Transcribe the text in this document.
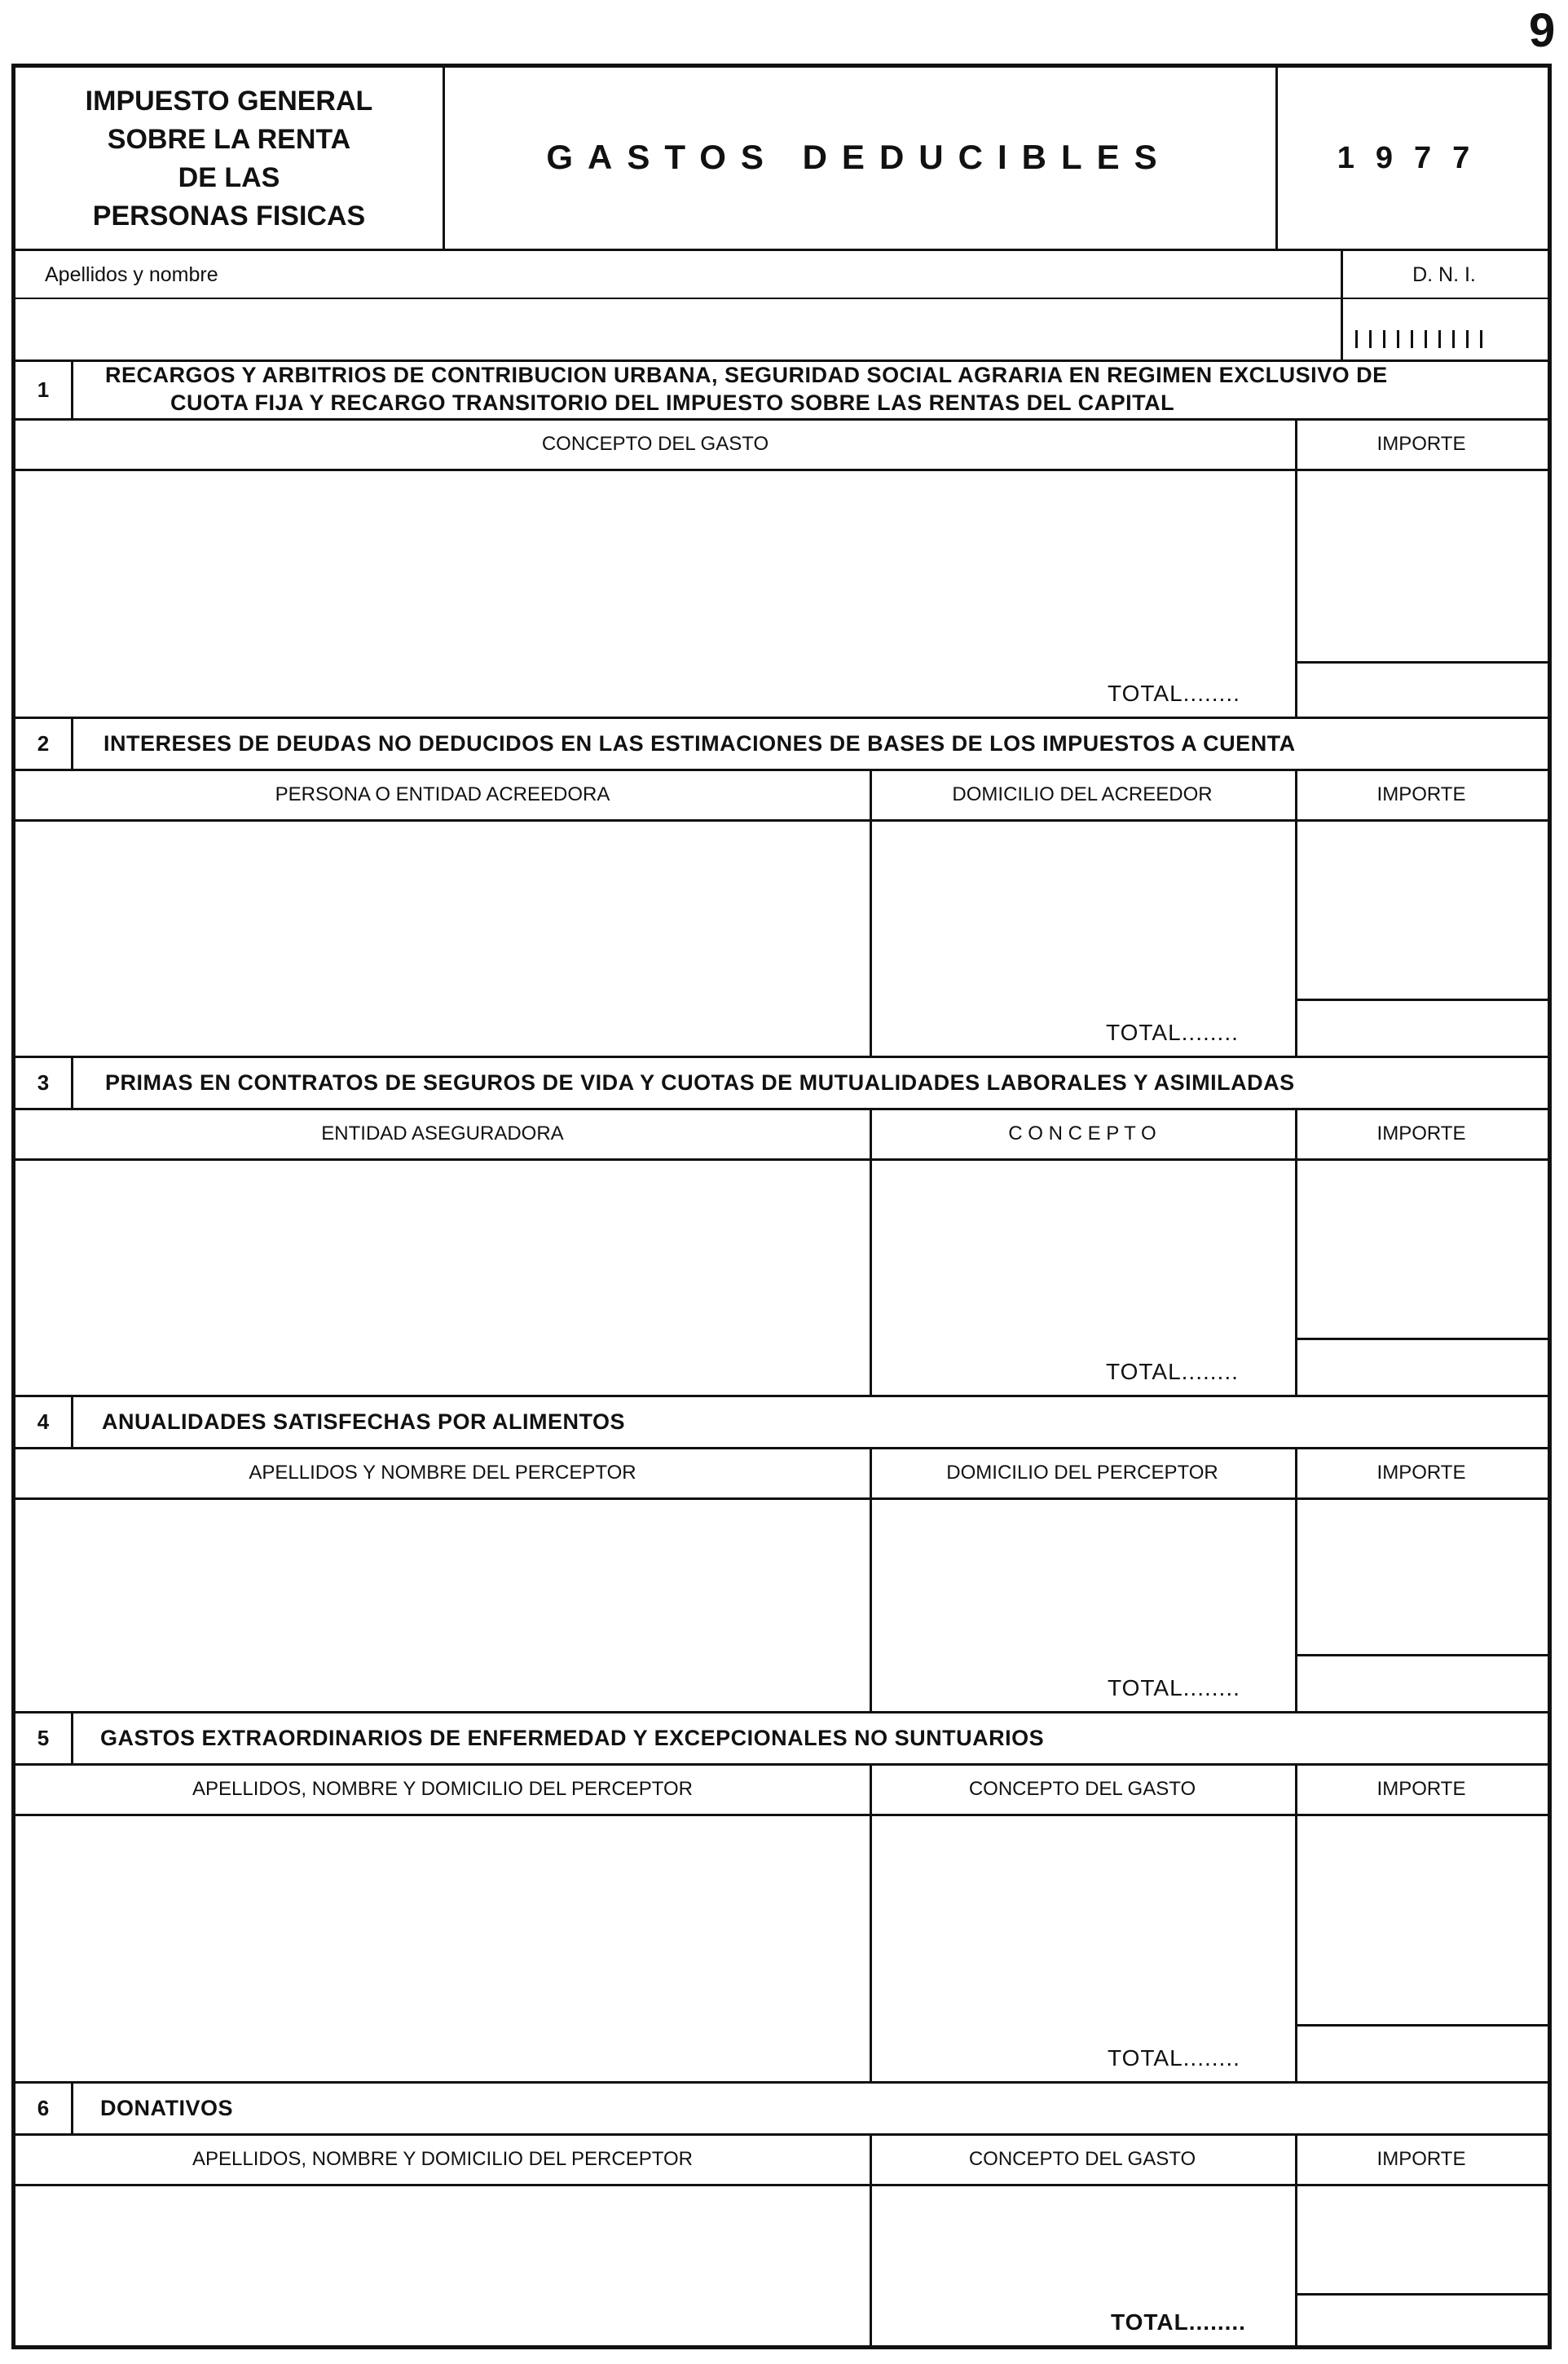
9
IMPUESTO GENERAL
SOBRE LA RENTA
DE LAS
PERSONAS FISICAS
GASTOS DEDUCIBLES	1977
Apellidos y nombre	D. N. I.
1
RECARGOS Y ARBITRIOS DE CONTRIBUCION URBANA, SEGURIDAD SOCIAL AGRARIA EN REGIMEN EXCLUSIVO DE
CUOTA FIJA Y RECARGO TRANSITORIO DEL IMPUESTO SOBRE LAS RENTAS DEL CAPITAL
CONCEPTO DEL GASTO	IMPORTE
TOTAL........
2	INTERESES DE DEUDAS NO DEDUCIDOS EN LAS ESTIMACIONES DE BASES DE LOS IMPUESTOS A CUENTA
PERSONA O ENTIDAD ACREEDORA	DOMICILIO DEL ACREEDOR	IMPORTE
TOTAL........
3	PRIMAS EN CONTRATOS DE SEGUROS DE VIDA Y CUOTAS DE MUTUALIDADES LABORALES Y ASIMILADAS
ENTIDAD ASEGURADORA	C O N C E P T O	IMPORTE
TOTAL........
4	ANUALIDADES SATISFECHAS POR ALIMENTOS
APELLIDOS Y NOMBRE DEL PERCEPTOR	DOMICILIO DEL PERCEPTOR	IMPORTE
TOTAL........
5	GASTOS EXTRAORDINARIOS DE ENFERMEDAD Y EXCEPCIONALES NO SUNTUARIOS
APELLIDOS, NOMBRE Y DOMICILIO DEL PERCEPTOR	CONCEPTO DEL GASTO	IMPORTE
TOTAL........
6	DONATIVOS
APELLIDOS, NOMBRE Y DOMICILIO DEL PERCEPTOR	CONCEPTO DEL GASTO	IMPORTE
TOTAL........
